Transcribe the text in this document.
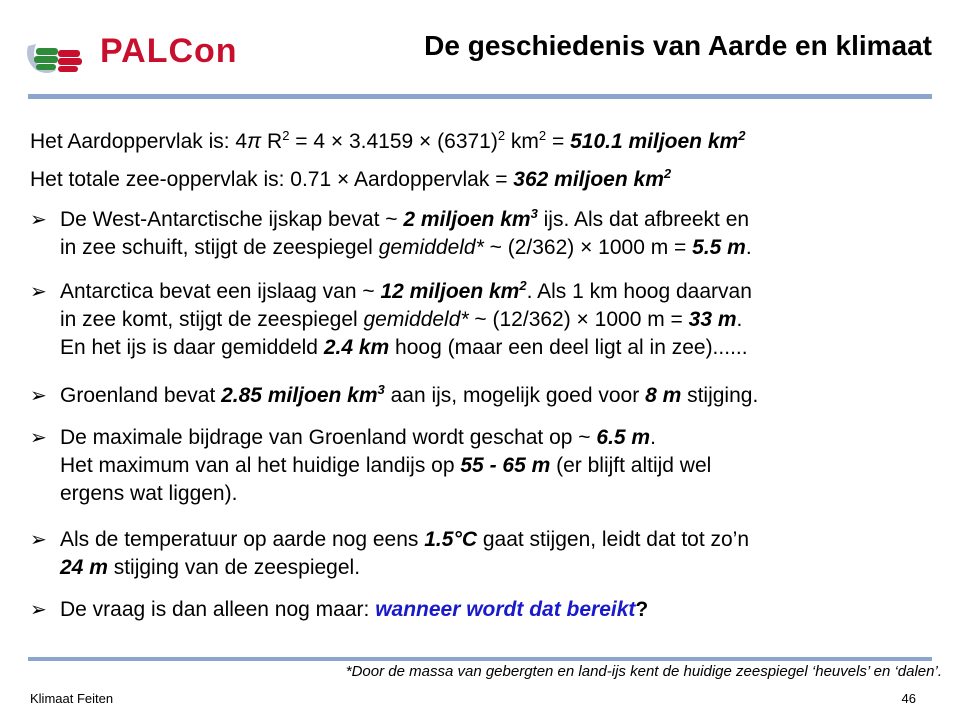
PALCon	De geschiedenis van Aarde en klimaat
Het Aardoppervlak is: 4π $R^2 = 4 \times 3.4159 \times (6371)^2$ $km^2 = 510.1$ miljoen $km^2$
Het totale zee-oppervlak is: 0.71 × Aardoppervlak = 362 miljoen $km^2$
➢ De West-Antarctische ijskap bevat ~ 2 miljoen $km^3$ ijs. Als dat afbreekt en
in zee schuift, stijgt de zeespiegel gemiddeld* ~ (2/362) × 1000 m = 5.5 m.
➢ Antarctica bevat een ijslaag van ~ 12 miljoen $km^2$. Als 1 km hoog daarvan
in zee komt, stijgt de zeespiegel gemiddeld* ~ (12/362) × 1000 m = 33 m.
En het ijs is daar gemiddeld 2.4 km hoog (maar een deel ligt al in zee)......
➢ Groenland bevat 2.85 miljoen $km^3$ aan ijs, mogelijk goed voor 8 m stijging.
➢ De maximale bijdrage van Groenland wordt geschat op ~ 6.5 m.
Het maximum van al het huidige landijs op 55 - 65 m (er blijft altijd wel
ergens wat liggen).
➢ Als de temperatuur op aarde nog eens 1.5°C gaat stijgen, leidt dat tot zo’n
24 m stijging van de zeespiegel.
➢ De vraag is dan alleen nog maar: wanneer wordt dat bereikt?
*Door de massa van gebergten en land-ijs kent de huidige zeespiegel ‘heuvels’ en ‘dalen’.
Klimaat Feiten	46
